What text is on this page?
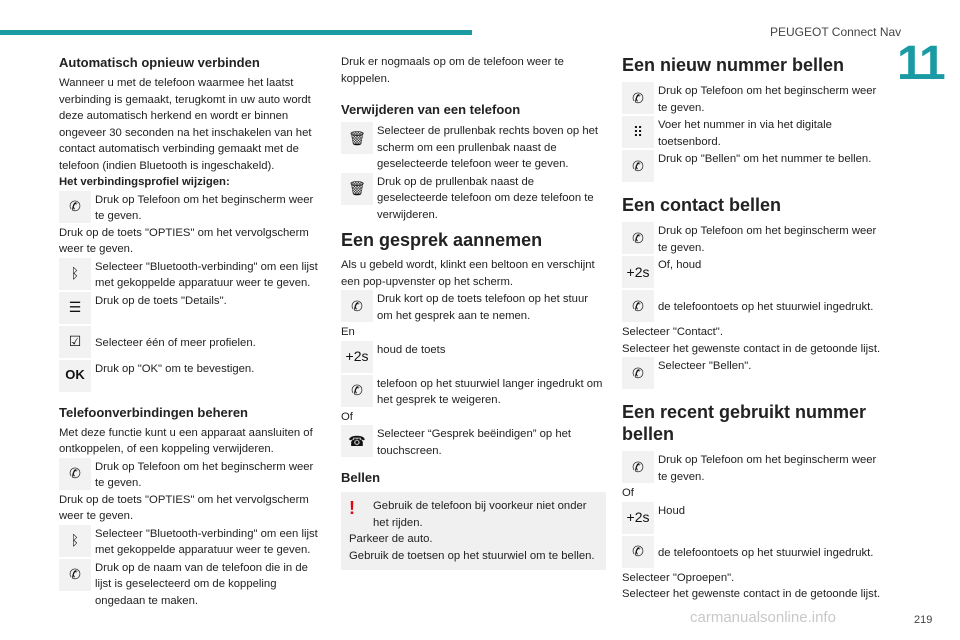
PEUGEOT Connect Nav
11
Automatisch opnieuw verbinden

Wanneer u met de telefoon waarmee het laatst verbinding is gemaakt, terugkomt in uw auto wordt deze automatisch herkend en wordt er binnen ongeveer 30 seconden na het inschakelen van het contact automatisch verbinding gemaakt met de telefoon (indien Bluetooth is ingeschakeld).

Het verbindingsprofiel wijzigen:

✆	Druk op Telefoon om het beginscherm weer te geven.

Druk op de toets "OPTIES" om het vervolgscherm weer te geven.

ᛒ	Selecteer "Bluetooth-verbinding" om een lijst met gekoppelde apparatuur weer te geven.
☰	Druk op de toets "Details".
☑	Selecteer één of meer profielen.
OK Druk op "OK" om te bevestigen.
Telefoonverbindingen beheren

Met deze functie kunt u een apparaat aansluiten of ontkoppelen, of een koppeling verwijderen.

✆	Druk op Telefoon om het beginscherm weer te geven.

Druk op de toets "OPTIES" om het vervolgscherm weer te geven.

ᛒ	Selecteer "Bluetooth-verbinding" om een lijst met gekoppelde apparatuur weer te geven.
✆	Druk op de naam van de telefoon die in de lijst is geselecteerd om de koppeling ongedaan te maken.

Druk er nogmaals op om de telefoon weer te koppelen.

Verwijderen van een telefoon
🗑 Selecteer de prullenbak rechts boven op het scherm om een prullenbak naast de geselecteerde telefoon weer te geven.
🗑 Druk op de prullenbak naast de geselecteerde telefoon om deze telefoon te verwijderen.
Een gesprek aannemen

Als u gebeld wordt, klinkt een beltoon en verschijnt een pop-upvenster op het scherm.

✆	Druk kort op de toets telefoon op het stuur om het gesprek aan te nemen.

En

+2s houd de toets
✆	telefoon op het stuurwiel langer ingedrukt om het gesprek te weigeren.

Of

☎ Selecteer “Gesprek beëindigen” op het touchscreen.
Bellen
!	Gebruik de telefoon bij voorkeur niet onder het rijden.

Parkeer de auto.

Gebruik de toetsen op het stuurwiel om te bellen.

Een nieuw nummer bellen
✆	Druk op Telefoon om het beginscherm weer te geven.
⠿	Voer het nummer in via het digitale toetsenbord.
✆	Druk op "Bellen" om het nummer te bellen.
Een contact bellen
✆	Druk op Telefoon om het beginscherm weer te geven.
+2s Of, houd
✆	de telefoontoets op het stuurwiel ingedrukt.

Selecteer "Contact".

Selecteer het gewenste contact in de getoonde lijst.

✆	Selecteer "Bellen".
Een recent gebruikt nummer bellen
✆	Druk op Telefoon om het beginscherm weer te geven.

Of

+2s Houd
✆	de telefoontoets op het stuurwiel ingedrukt.

Selecteer "Oproepen".

Selecteer het gewenste contact in de getoonde lijst.

carmanualsonline.info	219
